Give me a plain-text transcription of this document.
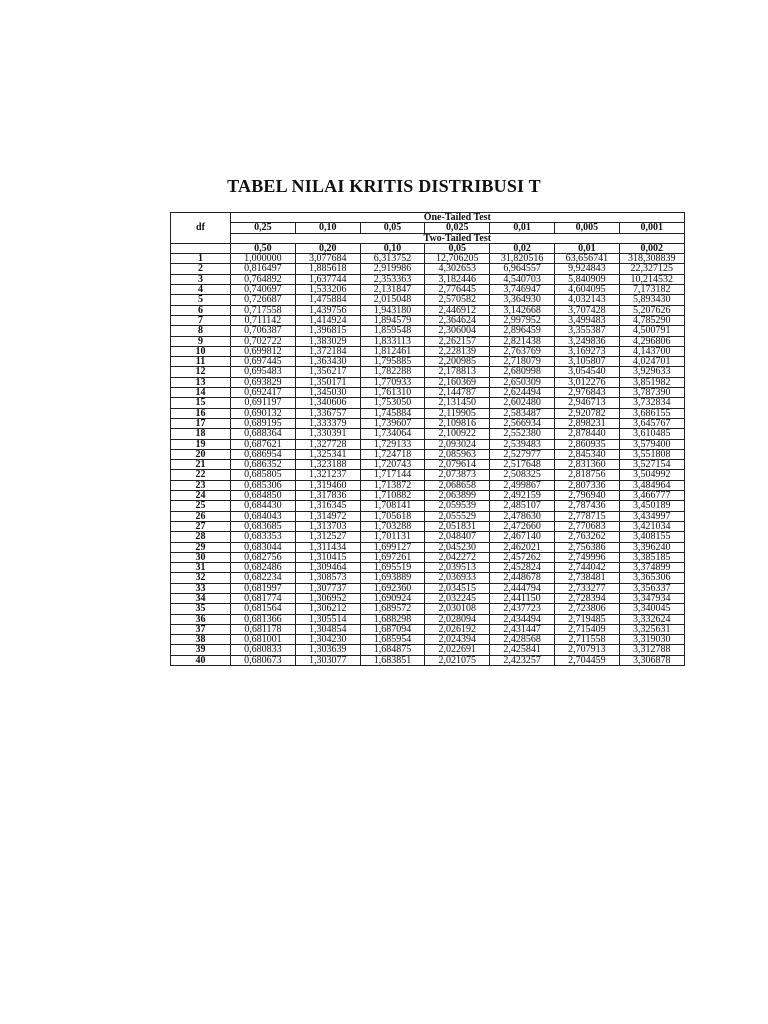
TABEL NILAI KRITIS DISTRIBUSI T
df	One-Tailed Test						
	0,25	0,10	0,05	0,025	0,01	0,005	0,001
	Two-Tailed Test						
	0,50	0,20	0,10	0,05	0,02	0,01	0,002
1	1,000000	3,077684	6,313752	12,706205	31,820516	63,656741	318,308839
2	0,816497	1,885618	2,919986	4,302653	6,964557	9,924843	22,327125
3	0,764892	1,637744	2,353363	3,182446	4,540703	5,840909	10,214532
4	0,740697	1,533206	2,131847	2,776445	3,746947	4,604095	7,173182
5	0,726687	1,475884	2,015048	2,570582	3,364930	4,032143	5,893430
6	0,717558	1,439756	1,943180	2,446912	3,142668	3,707428	5,207626
7	0,711142	1,414924	1,894579	2,364624	2,997952	3,499483	4,785290
8	0,706387	1,396815	1,859548	2,306004	2,896459	3,355387	4,500791
9	0,702722	1,383029	1,833113	2,262157	2,821438	3,249836	4,296806
10	0,699812	1,372184	1,812461	2,228139	2,763769	3,169273	4,143700
11	0,697445	1,363430	1,795885	2,200985	2,718079	3,105807	4,024701
12	0,695483	1,356217	1,782288	2,178813	2,680998	3,054540	3,929633
13	0,693829	1,350171	1,770933	2,160369	2,650309	3,012276	3,851982
14	0,692417	1,345030	1,761310	2,144787	2,624494	2,976843	3,787390
15	0,691197	1,340606	1,753050	2,131450	2,602480	2,946713	3,732834
16	0,690132	1,336757	1,745884	2,119905	2,583487	2,920782	3,686155
17	0,689195	1,333379	1,739607	2,109816	2,566934	2,898231	3,645767
18	0,688364	1,330391	1,734064	2,100922	2,552380	2,878440	3,610485
19	0,687621	1,327728	1,729133	2,093024	2,539483	2,860935	3,579400
20	0,686954	1,325341	1,724718	2,085963	2,527977	2,845340	3,551808
21	0,686352	1,323188	1,720743	2,079614	2,517648	2,831360	3,527154
22	0,685805	1,321237	1,717144	2,073873	2,508325	2,818756	3,504992
23	0,685306	1,319460	1,713872	2,068658	2,499867	2,807336	3,484964
24	0,684850	1,317836	1,710882	2,063899	2,492159	2,796940	3,466777
25	0,684430	1,316345	1,708141	2,059539	2,485107	2,787436	3,450189
26	0,684043	1,314972	1,705618	2,055529	2,478630	2,778715	3,434997
27	0,683685	1,313703	1,703288	2,051831	2,472660	2,770683	3,421034
28	0,683353	1,312527	1,701131	2,048407	2,467140	2,763262	3,408155
29	0,683044	1,311434	1,699127	2,045230	2,462021	2,756386	3,396240
30	0,682756	1,310415	1,697261	2,042272	2,457262	2,749996	3,385185
31	0,682486	1,309464	1,695519	2,039513	2,452824	2,744042	3,374899
32	0,682234	1,308573	1,693889	2,036933	2,448678	2,738481	3,365306
33	0,681997	1,307737	1,692360	2,034515	2,444794	2,733277	3,356337
34	0,681774	1,306952	1,690924	2,032245	2,441150	2,728394	3,347934
35	0,681564	1,306212	1,689572	2,030108	2,437723	2,723806	3,340045
36	0,681366	1,305514	1,688298	2,028094	2,434494	2,719485	3,332624
37	0,681178	1,304854	1,687094	2,026192	2,431447	2,715409	3,325631
38	0,681001	1,304230	1,685954	2,024394	2,428568	2,711558	3,319030
39	0,680833	1,303639	1,684875	2,022691	2,425841	2,707913	3,312788
40	0,680673	1,303077	1,683851	2,021075	2,423257	2,704459	3,306878
